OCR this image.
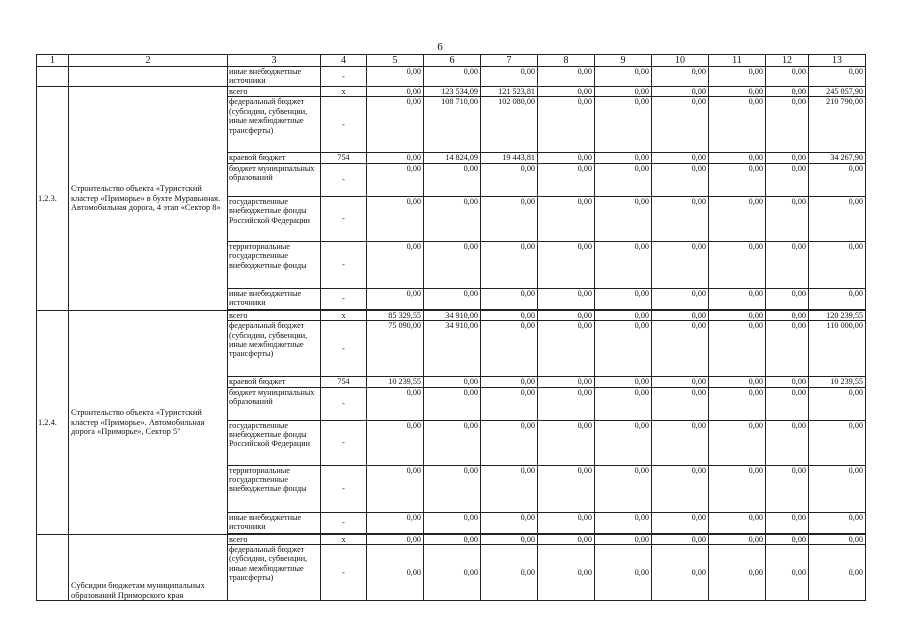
6
1	2	3	4	5	6	7	8	9	10	11	12	13
		иные внебюджетные источники	-	0,00	0,00	0,00	0,00	0,00	0,00	0,00	0,00	0,00
1.2.3.	Строительство объекта «Туристский кластер «Приморье» в бухте Муравьиная. Автомобильная дорога, 4 этап «Сектор 8»	всего	х	0,00	123 534,09	121 523,81	0,00	0,00	0,00	0,00	0,00	245 057,90
		федеральный бюджет (субсидии, субвенции, иные межбюджетные трансферты)	-	0,00	108 710,00	102 080,00	0,00	0,00	0,00	0,00	0,00	210 790,00
		краевой бюджет	754	0,00	14 824,09	19 443,81	0,00	0,00	0,00	0,00	0,00	34 267,90
		бюджет муниципальных образований	-	0,00	0,00	0,00	0,00	0,00	0,00	0,00	0,00	0,00
		государственные внебюджетные фонды Российской Федерации	-	0,00	0,00	0,00	0,00	0,00	0,00	0,00	0,00	0,00
		территориальные государственные внебюджетные фонды	-	0,00	0,00	0,00	0,00	0,00	0,00	0,00	0,00	0,00
		иные внебюджетные источники	-	0,00	0,00	0,00	0,00	0,00	0,00	0,00	0,00	0,00

1.2.4.	Строительство объекта «Туристский кластер «Приморье». Автомобильная дорога «Приморье», Сектор 5"	всего	х	85 329,55	34 910,00	0,00	0,00	0,00	0,00	0,00	0,00	120 239,55
		федеральный бюджет (субсидии, субвенции, иные межбюджетные трансферты)	-	75 090,00	34 910,00	0,00	0,00	0,00	0,00	0,00	0,00	110 000,00
		краевой бюджет	754	10 239,55	0,00	0,00	0,00	0,00	0,00	0,00	0,00	10 239,55
		бюджет муниципальных образований	-	0,00	0,00	0,00	0,00	0,00	0,00	0,00	0,00	0,00
		государственные внебюджетные фонды Российской Федерации	-	0,00	0,00	0,00	0,00	0,00	0,00	0,00	0,00	0,00
		территориальные государственные внебюджетные фонды	-	0,00	0,00	0,00	0,00	0,00	0,00	0,00	0,00	0,00
		иные внебюджетные источники	-	0,00	0,00	0,00	0,00	0,00	0,00	0,00	0,00	0,00

	Субсидии бюджетам муниципальных образований Приморского края	всего	х	0,00	0,00	0,00	0,00	0,00	0,00	0,00	0,00	0,00
		федеральный бюджет (субсидии, субвенции, иные межбюджетные трансферты)	-	0,00	0,00	0,00	0,00	0,00	0,00	0,00	0,00	0,00
